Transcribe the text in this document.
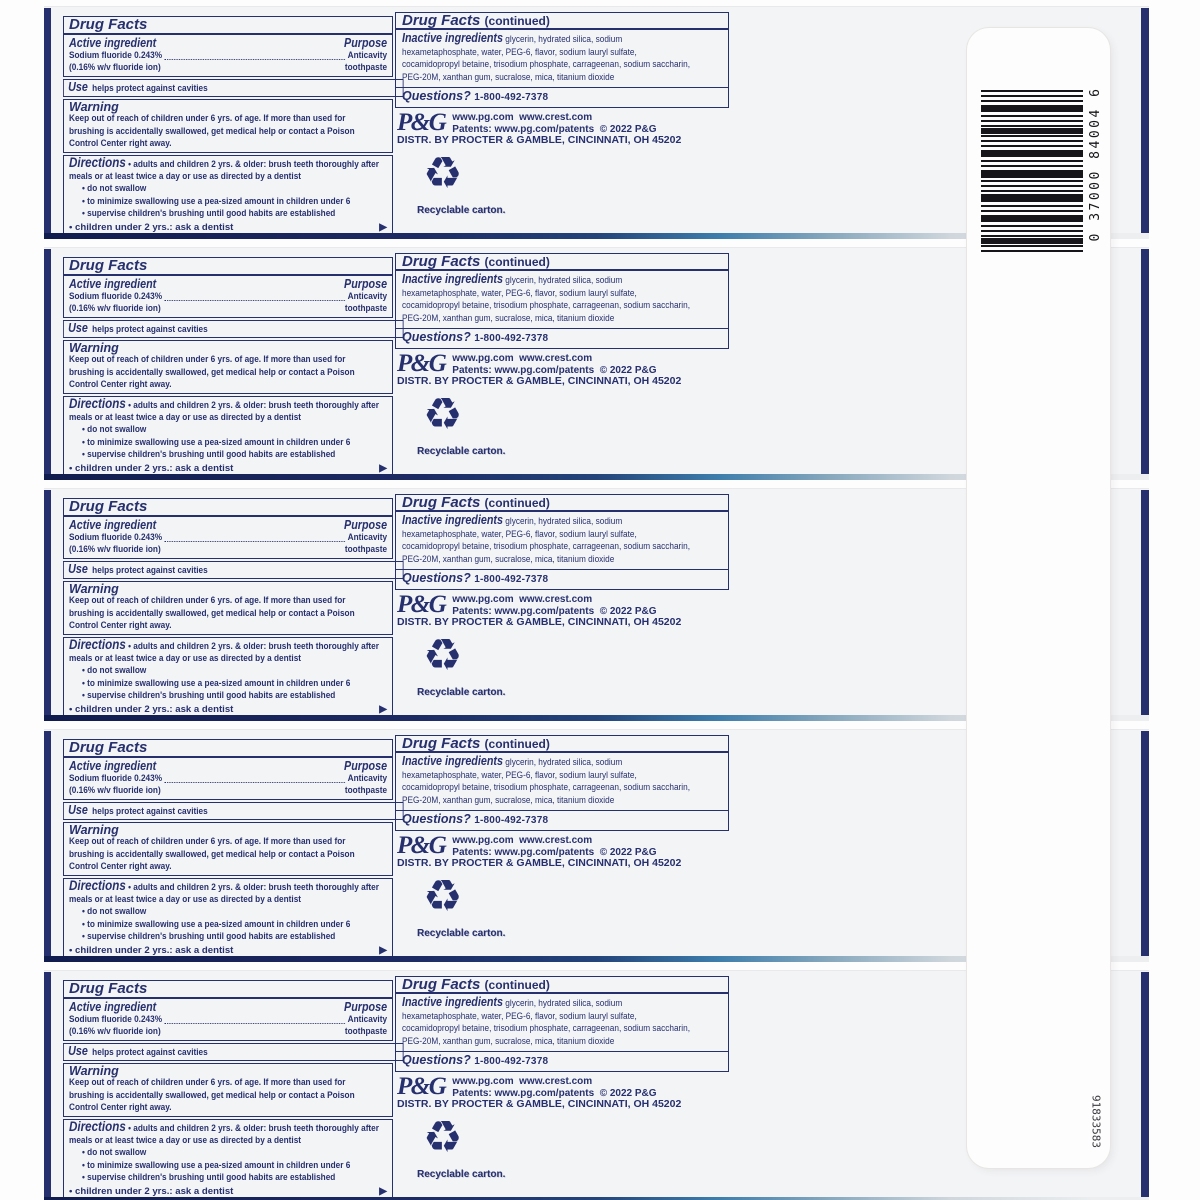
Drug Facts
Active ingredient	Purpose
Sodium fluoride 0.243%	Anticavity
(0.16% w/v fluoride ion)	toothpaste
Use helps protect against cavities
Warning
Keep out of reach of children under 6 yrs. of age. If more than used for
brushing is accidentally swallowed, get medical help or contact a Poison
Control Center right away.
Directions • adults and children 2 yrs. & older: brush teeth thoroughly after
meals or at least twice a day or use as directed by a dentist
• do not swallow
• to minimize swallowing use a pea-sized amount in children under 6
• supervise children's brushing until good habits are established
• children under 2 yrs.: ask a dentist	▶
Drug Facts (continued)
Inactive ingredients glycerin, hydrated silica, sodium
hexametaphosphate, water, PEG-6, flavor, sodium lauryl sulfate,
cocamidopropyl betaine, trisodium phosphate, carrageenan, sodium saccharin,
PEG-20M, xanthan gum, sucralose, mica, titanium dioxide
Questions? 1-800-492-7378
P&G www.pg.com  www.crest.com
Patents: www.pg.com/patents  © 2022 P&G
DISTR. BY PROCTER & GAMBLE, CINCINNATI, OH 45202
♻
Recyclable carton.
Drug Facts
Active ingredient	Purpose
Sodium fluoride 0.243%	Anticavity
(0.16% w/v fluoride ion)	toothpaste
Use helps protect against cavities
Warning
Keep out of reach of children under 6 yrs. of age. If more than used for
brushing is accidentally swallowed, get medical help or contact a Poison
Control Center right away.
Directions • adults and children 2 yrs. & older: brush teeth thoroughly after
meals or at least twice a day or use as directed by a dentist
• do not swallow
• to minimize swallowing use a pea-sized amount in children under 6
• supervise children's brushing until good habits are established
• children under 2 yrs.: ask a dentist	▶
Drug Facts (continued)
Inactive ingredients glycerin, hydrated silica, sodium
hexametaphosphate, water, PEG-6, flavor, sodium lauryl sulfate,
cocamidopropyl betaine, trisodium phosphate, carrageenan, sodium saccharin,
PEG-20M, xanthan gum, sucralose, mica, titanium dioxide
Questions? 1-800-492-7378
P&G www.pg.com  www.crest.com
Patents: www.pg.com/patents  © 2022 P&G
DISTR. BY PROCTER & GAMBLE, CINCINNATI, OH 45202
♻
Recyclable carton.
Drug Facts
Active ingredient	Purpose
Sodium fluoride 0.243%	Anticavity
(0.16% w/v fluoride ion)	toothpaste
Use helps protect against cavities
Warning
Keep out of reach of children under 6 yrs. of age. If more than used for
brushing is accidentally swallowed, get medical help or contact a Poison
Control Center right away.
Directions • adults and children 2 yrs. & older: brush teeth thoroughly after
meals or at least twice a day or use as directed by a dentist
• do not swallow
• to minimize swallowing use a pea-sized amount in children under 6
• supervise children's brushing until good habits are established
• children under 2 yrs.: ask a dentist	▶
Drug Facts (continued)
Inactive ingredients glycerin, hydrated silica, sodium
hexametaphosphate, water, PEG-6, flavor, sodium lauryl sulfate,
cocamidopropyl betaine, trisodium phosphate, carrageenan, sodium saccharin,
PEG-20M, xanthan gum, sucralose, mica, titanium dioxide
Questions? 1-800-492-7378
P&G www.pg.com  www.crest.com
Patents: www.pg.com/patents  © 2022 P&G
DISTR. BY PROCTER & GAMBLE, CINCINNATI, OH 45202
♻
Recyclable carton.
Drug Facts
Active ingredient	Purpose
Sodium fluoride 0.243%	Anticavity
(0.16% w/v fluoride ion)	toothpaste
Use helps protect against cavities
Warning
Keep out of reach of children under 6 yrs. of age. If more than used for
brushing is accidentally swallowed, get medical help or contact a Poison
Control Center right away.
Directions • adults and children 2 yrs. & older: brush teeth thoroughly after
meals or at least twice a day or use as directed by a dentist
• do not swallow
• to minimize swallowing use a pea-sized amount in children under 6
• supervise children's brushing until good habits are established
• children under 2 yrs.: ask a dentist	▶
Drug Facts (continued)
Inactive ingredients glycerin, hydrated silica, sodium
hexametaphosphate, water, PEG-6, flavor, sodium lauryl sulfate,
cocamidopropyl betaine, trisodium phosphate, carrageenan, sodium saccharin,
PEG-20M, xanthan gum, sucralose, mica, titanium dioxide
Questions? 1-800-492-7378
P&G www.pg.com  www.crest.com
Patents: www.pg.com/patents  © 2022 P&G
DISTR. BY PROCTER & GAMBLE, CINCINNATI, OH 45202
♻
Recyclable carton.
Drug Facts
Active ingredient	Purpose
Sodium fluoride 0.243%	Anticavity
(0.16% w/v fluoride ion)	toothpaste
Use helps protect against cavities
Warning
Keep out of reach of children under 6 yrs. of age. If more than used for
brushing is accidentally swallowed, get medical help or contact a Poison
Control Center right away.
Directions • adults and children 2 yrs. & older: brush teeth thoroughly after
meals or at least twice a day or use as directed by a dentist
• do not swallow
• to minimize swallowing use a pea-sized amount in children under 6
• supervise children's brushing until good habits are established
• children under 2 yrs.: ask a dentist	▶
Drug Facts (continued)
Inactive ingredients glycerin, hydrated silica, sodium
hexametaphosphate, water, PEG-6, flavor, sodium lauryl sulfate,
cocamidopropyl betaine, trisodium phosphate, carrageenan, sodium saccharin,
PEG-20M, xanthan gum, sucralose, mica, titanium dioxide
Questions? 1-800-492-7378
P&G www.pg.com  www.crest.com
Patents: www.pg.com/patents  © 2022 P&G
DISTR. BY PROCTER & GAMBLE, CINCINNATI, OH 45202
♻
Recyclable carton.
0 37000 84004 6
91833583
